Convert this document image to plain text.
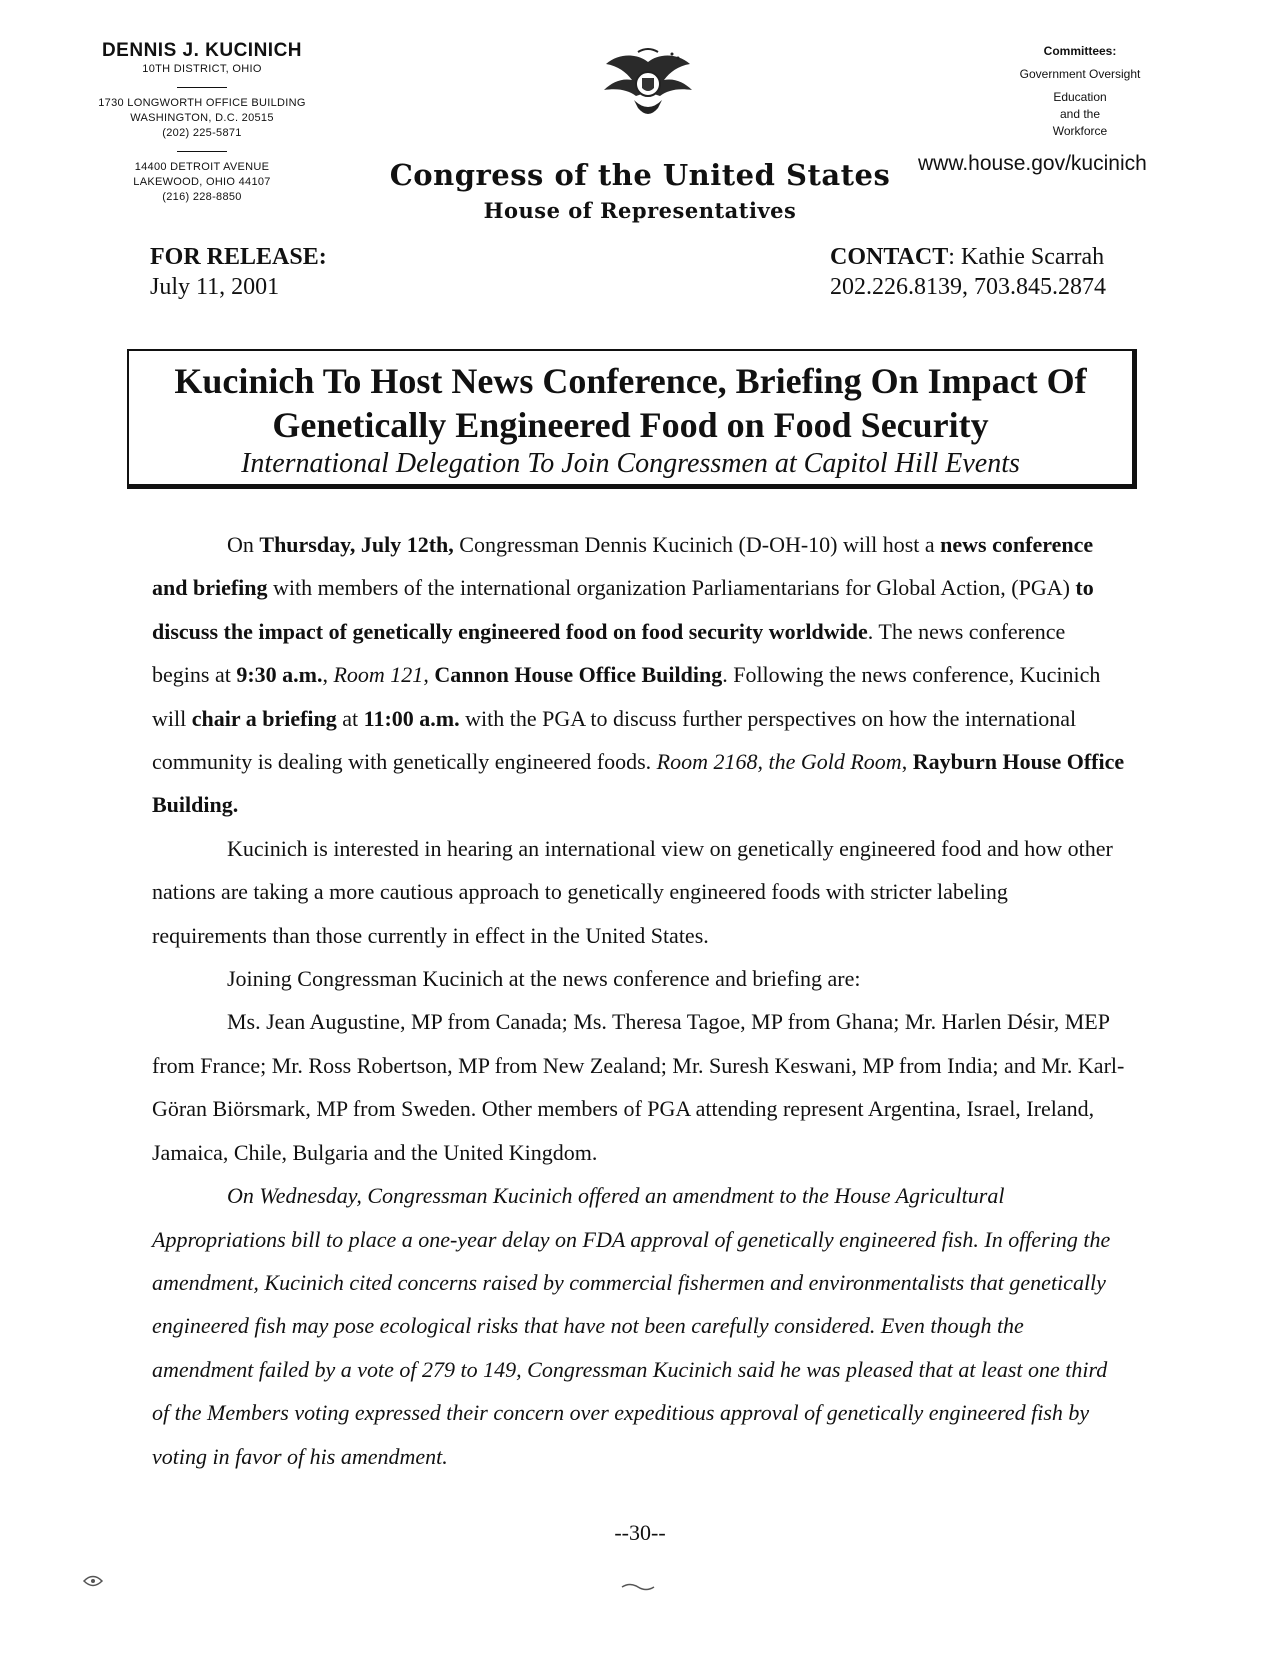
DENNIS J. KUCINICH
10TH DISTRICT, OHIO
1730 LONGWORTH OFFICE BUILDING
WASHINGTON, D.C. 20515
(202) 225-5871
14400 DETROIT AVENUE
LAKEWOOD, OHIO 44107
(216) 228-8850
Congress of the United States
House of Representatives
Committees:
Government Oversight
Education
and the
Workforce
www.house.gov/kucinich
FOR RELEASE:
July 11, 2001
CONTACT: Kathie Scarrah
202.226.8139, 703.845.2874
Kucinich To Host News Conference, Briefing On Impact Of
Genetically Engineered Food on Food Security
International Delegation To Join Congressmen at Capitol Hill Events

On Thursday, July 12th, Congressman Dennis Kucinich (D-OH-10) will host a news conference and briefing with members of the international organization Parliamentarians for Global Action, (PGA) to discuss the impact of genetically engineered food on food security worldwide. The news conference begins at 9:30 a.m., Room 121, Cannon House Office Building. Following the news conference, Kucinich will chair a briefing at 11:00 a.m. with the PGA to discuss further perspectives on how the international community is dealing with genetically engineered foods. Room 2168, the Gold Room, Rayburn House Office Building.

Kucinich is interested in hearing an international view on genetically engineered food and how other nations are taking a more cautious approach to genetically engineered foods with stricter labeling requirements than those currently in effect in the United States.

Joining Congressman Kucinich at the news conference and briefing are:

Ms. Jean Augustine, MP from Canada; Ms. Theresa Tagoe, MP from Ghana; Mr. Harlen Désir, MEP from France; Mr. Ross Robertson, MP from New Zealand; Mr. Suresh Keswani, MP from India; and Mr. Karl-Göran Biörsmark, MP from Sweden. Other members of PGA attending represent Argentina, Israel, Ireland, Jamaica, Chile, Bulgaria and the United Kingdom.

On Wednesday, Congressman Kucinich offered an amendment to the House Agricultural Appropriations bill to place a one-year delay on FDA approval of genetically engineered fish. In offering the amendment, Kucinich cited concerns raised by commercial fishermen and environmentalists that genetically engineered fish may pose ecological risks that have not been carefully considered. Even though the amendment failed by a vote of 279 to 149, Congressman Kucinich said he was pleased that at least one third of the Members voting expressed their concern over expeditious approval of genetically engineered fish by voting in favor of his amendment.

--30--
